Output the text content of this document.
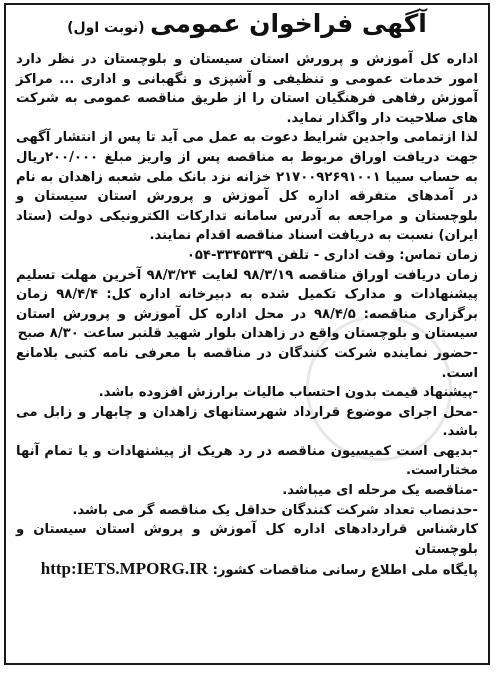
آگهی فراخوان عمومی (نوبت اول)

اداره کل آموزش و پرورش استان سیستان و بلوچستان در نظر دارد امور خدمات عمومی و تنظیفی و آشپزی و نگهبانی و اداری ... مراکز آموزش رفاهی فرهنگیان استان را از طریق مناقصه عمومی به شرکت های صلاحیت دار واگذار نماید.

لذا ازتمامی واجدین شرایط دعوت به عمل می آید تا پس از انتشار آگهی جهت دریافت اوراق مربوط به مناقصه پس از واریز مبلغ ۲۰۰/۰۰۰ریال به حساب سیبا ۲۱۷۰۰۹۲۶۹۱۰۰۱ خزانه نزد بانک ملی شعبه زاهدان به نام در آمدهای متفرقه اداره کل آموزش و پرورش استان سیستان و بلوچستان و مراجعه به آدرس سامانه تدارکات الکترونیکی دولت (ستاد ایران) نسبت به دریافت اسناد مناقصه اقدام نمایند.

زمان تماس: وقت اداری - تلفن ۳۳۴۵۳۳۹-۰۵۴

زمان دریافت اوراق مناقصه ۹۸/۳/۱۹ لغایت ۹۸/۳/۲۴ آخرین مهلت تسلیم پیشنهادات و مدارک تکمیل شده به دبیرخانه اداره کل: ۹۸/۴/۴ زمان برگزاری مناقصه: ۹۸/۴/۵ در محل اداره کل آموزش و پرورش استان سیستان و بلوچستان واقع در زاهدان بلوار شهید قلنبر ساعت ۸/۳۰ صبح

-حضور نماینده شرکت کنندگان در مناقصه با معرفی نامه کتبی بلامانع است.

-پیشنهاد قیمت بدون احتساب مالیات برارزش افزوده باشد.

-محل اجرای موضوع قرارداد شهرستانهای زاهدان و چابهار و زابل می باشد.

-بدیهی است کمیسیون مناقصه در رد هریک از پیشنهادات و یا تمام آنها مختاراست.

-مناقصه یک مرحله ای میباشد.

-حدنصاب تعداد شرکت کنندگان حداقل یک مناقصه گر می باشد.

کارشناس قراردادهای اداره کل آموزش و پروش استان سیستان و بلوچستان

پایگاه ملی اطلاع رسانی مناقصات کشور: http:IETS.MPORG.IR
